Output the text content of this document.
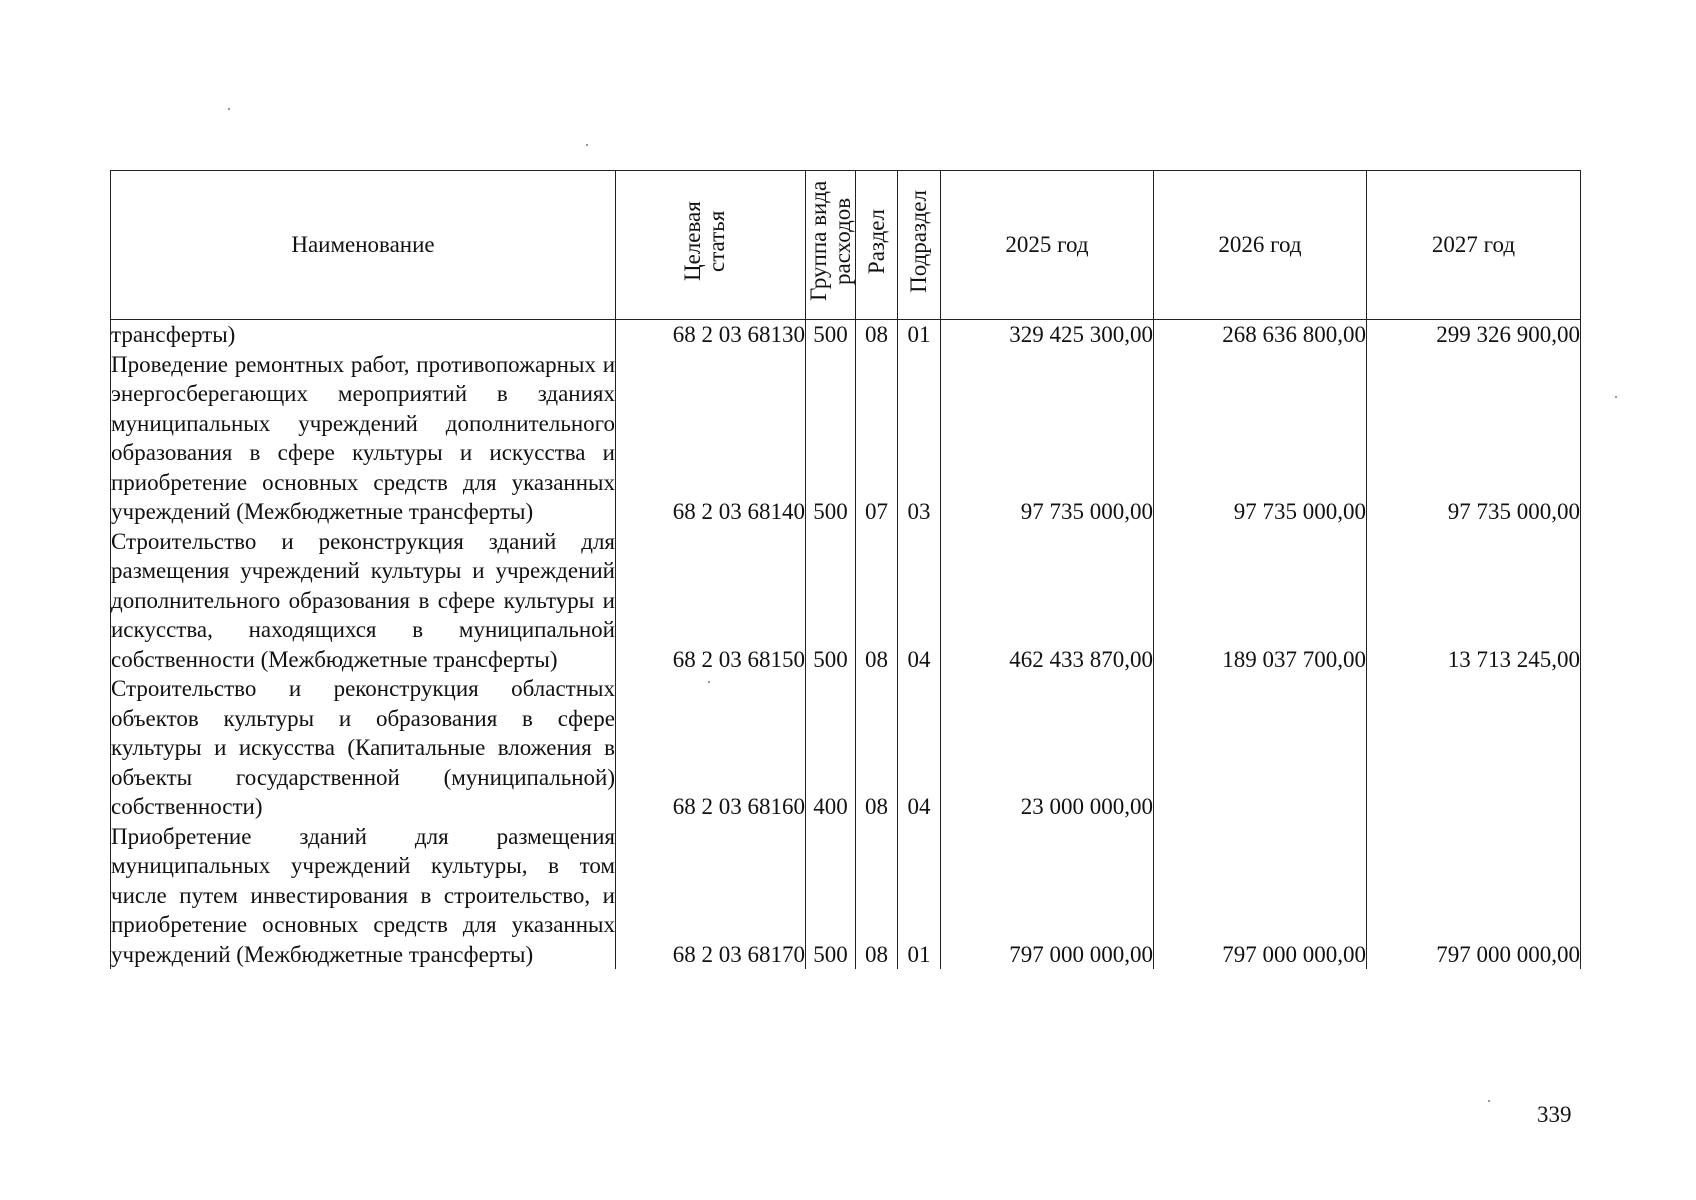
Наименование	Целевая статья	Группа вида расходов	Раздел	Подраздел	2025 год	2026 год	2027 год
трансферты)	68 2 03 68130	500	08	01	329 425 300,00	268 636 800,00	299 326 900,00
Проведение ремонтных работ, противопожарных и энергосберегающих мероприятий в зданиях муниципальных учреждений дополнительного образования в сфере культуры и искусства и приобретение основных средств для указанных учреждений (Межбюджетные трансферты)	68 2 03 68140	500	07	03	97 735 000,00	97 735 000,00	97 735 000,00
Строительство и реконструкция зданий для размещения учреждений культуры и учреждений дополнительного образования в сфере культуры и искусства, находящихся в муниципальной собственности (Межбюджетные трансферты)	68 2 03 68150	500	08	04	462 433 870,00	189 037 700,00	13 713 245,00
Строительство и реконструкция областных объектов культуры и образования в сфере культуры и искусства (Капитальные вложения в объекты государственной (муниципальной) собственности)	68 2 03 68160	400	08	04	23 000 000,00		
Приобретение зданий для размещения муниципальных учреждений культуры, в том числе путем инвестирования в строительство, и приобретение основных средств для указанных учреждений (Межбюджетные трансферты)	68 2 03 68170	500	08	01	797 000 000,00	797 000 000,00	797 000 000,00
339
